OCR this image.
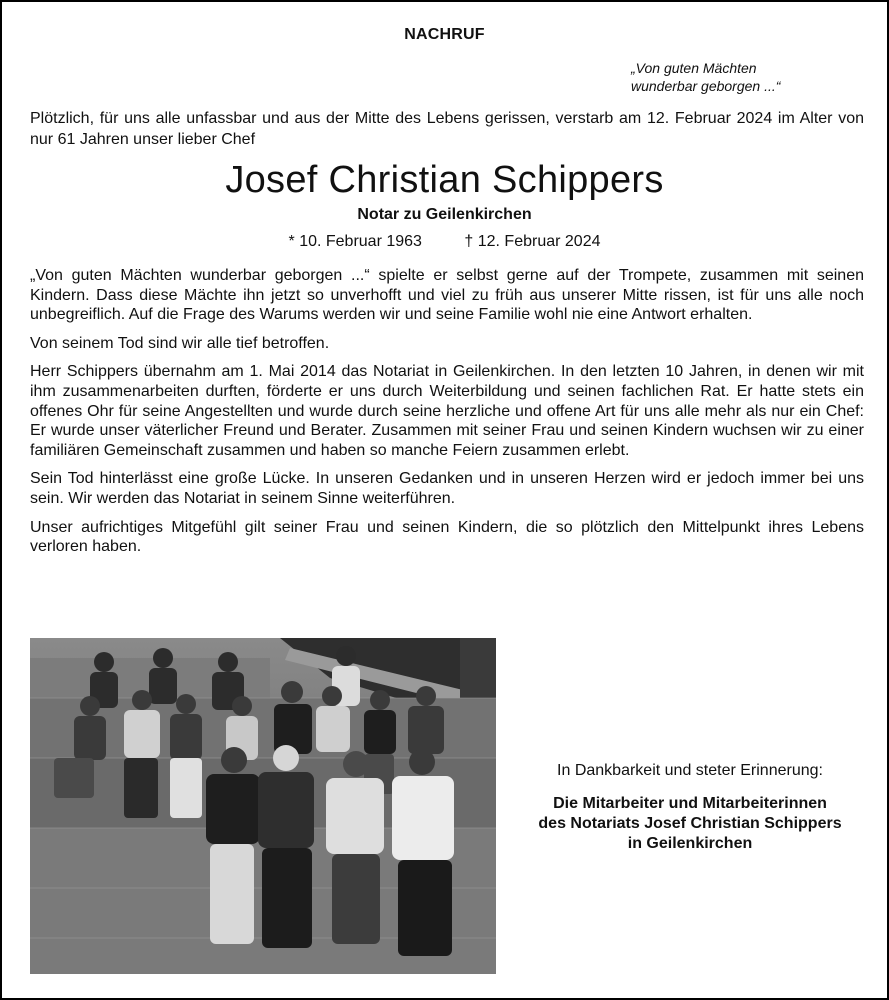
NACHRUF
„Von guten Mächten
wunderbar geborgen ...“
Plötzlich, für uns alle unfassbar und aus der Mitte des Lebens gerissen, verstarb am 12. Februar 2024 im Alter von nur 61 Jahren unser lieber Chef
Josef Christian Schippers
Notar zu Geilenkirchen
* 10. Februar 1963	† 12. Februar 2024

„Von guten Mächten wunderbar geborgen ...“ spielte er selbst gerne auf der Trompete, zusammen mit seinen Kindern. Dass diese Mächte ihn jetzt so unverhofft und viel zu früh aus unserer Mitte rissen, ist für uns alle noch unbegreiflich. Auf die Frage des Warums werden wir und seine Familie wohl nie eine Antwort erhalten.

Von seinem Tod sind wir alle tief betroffen.

Herr Schippers übernahm am 1. Mai 2014 das Notariat in Geilenkirchen. In den letzten 10 Jahren, in denen wir mit ihm zusammenarbeiten durften, förderte er uns durch Weiterbildung und seinen fachlichen Rat. Er hatte stets ein offenes Ohr für seine Angestellten und wurde durch seine herzliche und offene Art für uns alle mehr als nur ein Chef: Er wurde unser väterlicher Freund und Berater. Zusammen mit seiner Frau und seinen Kindern wuchsen wir zu einer familiären Gemeinschaft zusammen und haben so manche Feiern zusammen erlebt.

Sein Tod hinterlässt eine große Lücke. In unseren Gedanken und in unseren Herzen wird er jedoch immer bei uns sein. Wir werden das Notariat in seinem Sinne weiterführen.

Unser aufrichtiges Mitgefühl gilt seiner Frau und seinen Kindern, die so plötzlich den Mittelpunkt ihres Lebens verloren haben.

In Dankbarkeit und steter Erinnerung:
Die Mitarbeiter und Mitarbeiterinnen
des Notariats Josef Christian Schippers
in Geilenkirchen
